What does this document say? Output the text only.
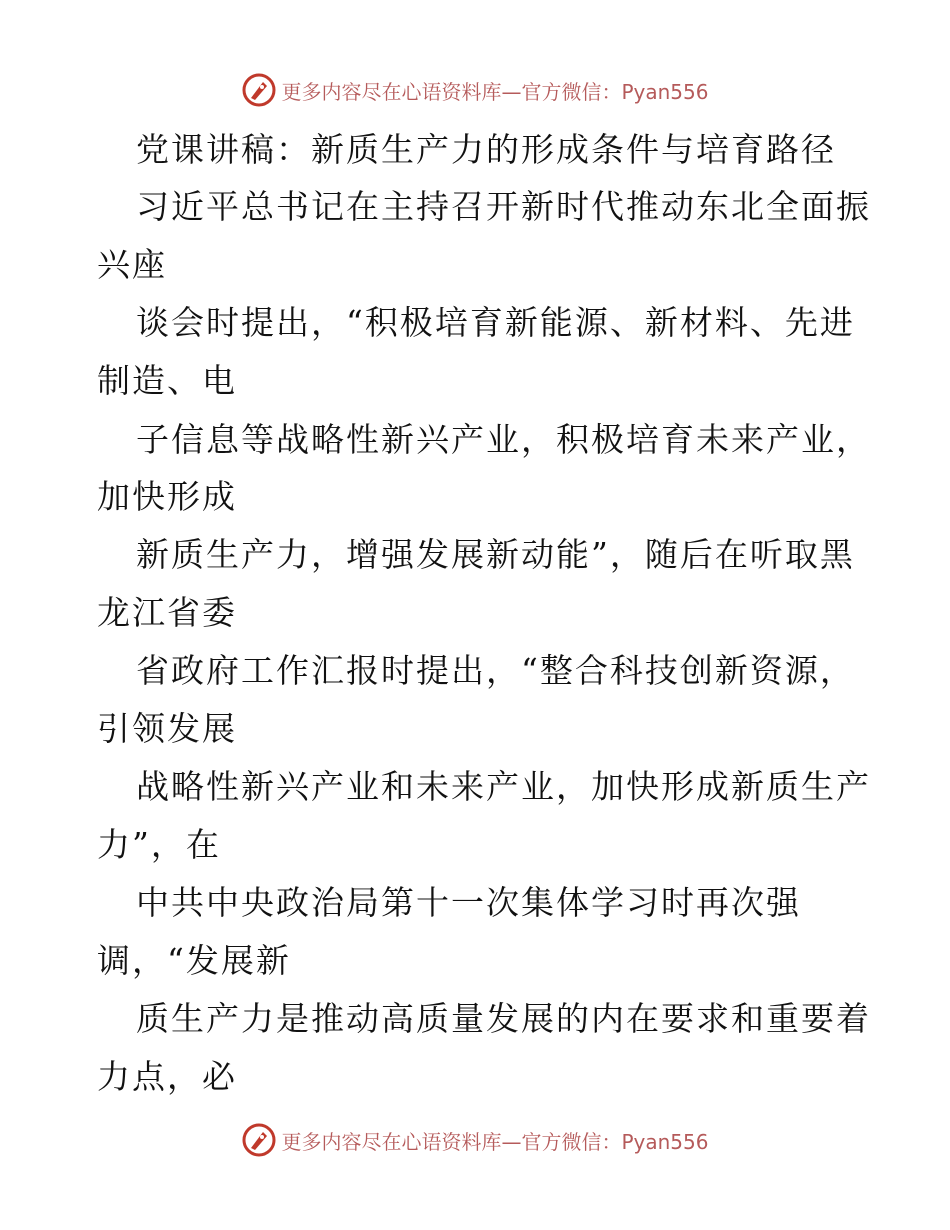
更多内容尽在心语资料库—官方微信：Pyan556
党课讲稿：新质生产力的形成条件与培育路径
习近平总书记在主持召开新时代推动东北全面振
兴座
谈会时提出，“积极培育新能源、新材料、先进
制造、电
子信息等战略性新兴产业，积极培育未来产业，
加快形成
新质生产力，增强发展新动能”，随后在听取黑
龙江省委
省政府工作汇报时提出，“整合科技创新资源，
引领发展
战略性新兴产业和未来产业，加快形成新质生产
力”，在
中共中央政治局第十一次集体学习时再次强
调，“发展新
质生产力是推动高质量发展的内在要求和重要着
力点，必
更多内容尽在心语资料库—官方微信：Pyan556
